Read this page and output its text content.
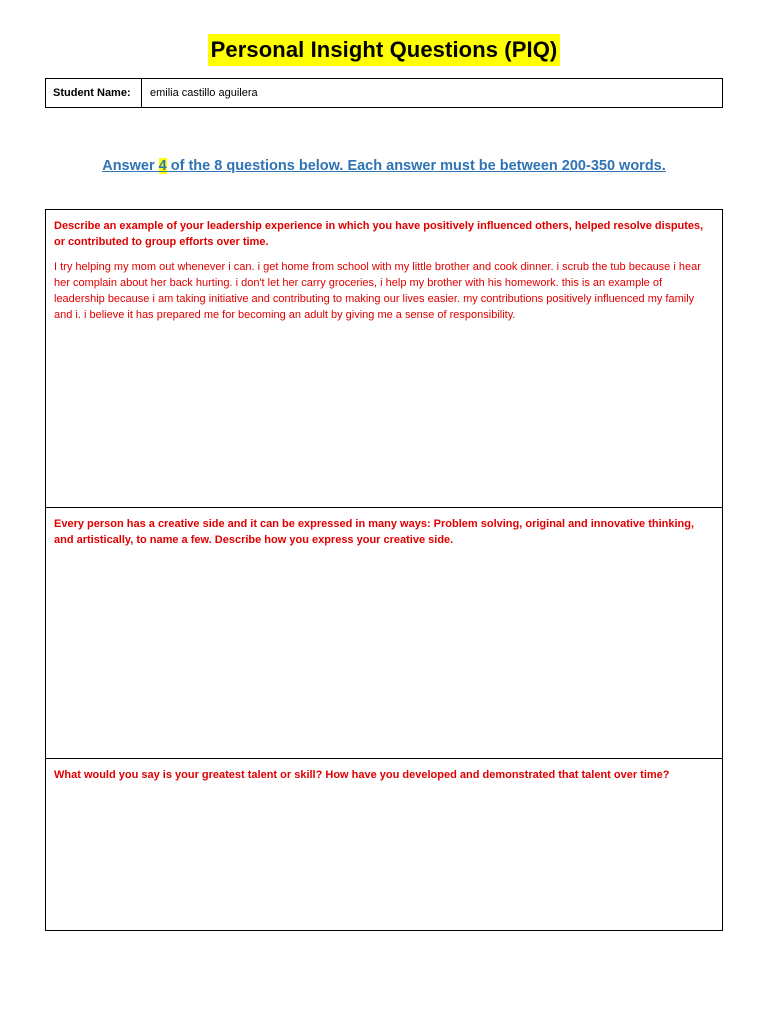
Personal Insight Questions (PIQ)
Student Name:	emilia castillo aguilera
Answer 4 of the 8 questions below. Each answer must be between 200-350 words.

Describe an example of your leadership experience in which you have positively influenced others, helped resolve disputes, or contributed to group efforts over time.

I try helping my mom out whenever i can. i get home from school with my little brother and cook dinner. i scrub the tub because i hear her complain about her back hurting. i don't let her carry groceries, i help my brother with his homework. this is an example of leadership because i am taking initiative and contributing to making our lives easier. my contributions positively influenced my family and i. i believe it has prepared me for becoming an adult by giving me a sense of responsibility.

Every person has a creative side and it can be expressed in many ways: Problem solving, original and innovative thinking, and artistically, to name a few. Describe how you express your creative side.

What would you say is your greatest talent or skill? How have you developed and demonstrated that talent over time?
